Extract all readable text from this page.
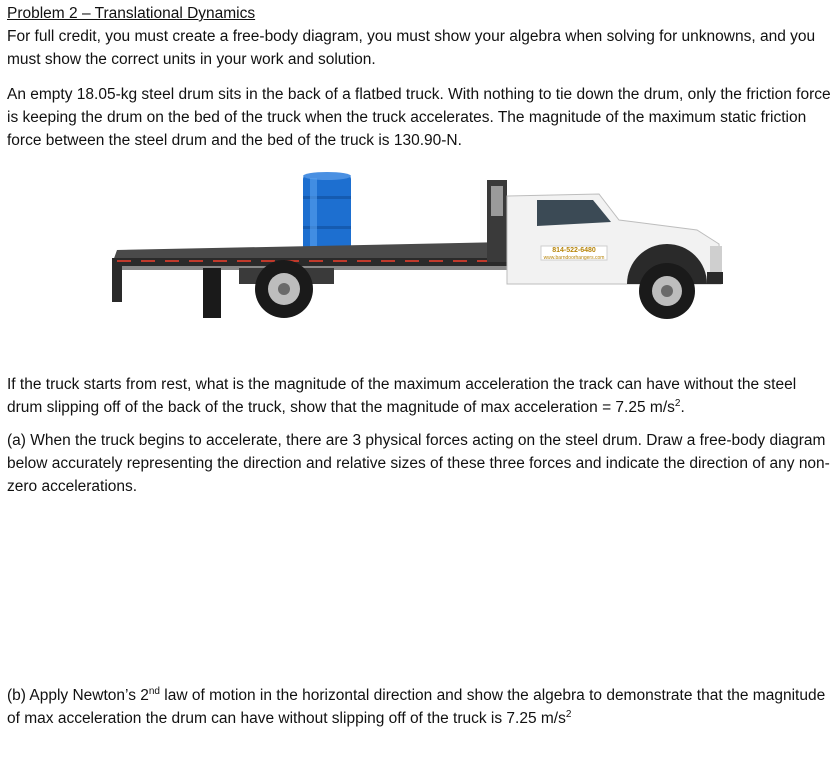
Problem 2 – Translational Dynamics

For full credit, you must create a free-body diagram, you must show your algebra when solving for unknowns, and you must show the correct units in your work and solution.

An empty 18.05-kg steel drum sits in the back of a flatbed truck. With nothing to tie down the drum, only the friction force is keeping the drum on the bed of the truck when the truck accelerates. The magnitude of the maximum static friction force between the steel drum and the bed of the truck is 130.90-N.

814-522-6480
www.barndoorhangers.com

If the truck starts from rest, what is the magnitude of the maximum acceleration the track can have without the steel drum slipping off of the back of the truck, show that the magnitude of max acceleration = 7.25 $m/s^2$.

(a) When the truck begins to accelerate, there are 3 physical forces acting on the steel drum. Draw a free-body diagram below accurately representing the direction and relative sizes of these three forces and indicate the direction of any non-zero accelerations.

(b) Apply Newton’s 2nd law of motion in the horizontal direction and show the algebra to demonstrate that the magnitude of max acceleration the drum can have without slipping off of the truck is 7.25 $m/s^2$
